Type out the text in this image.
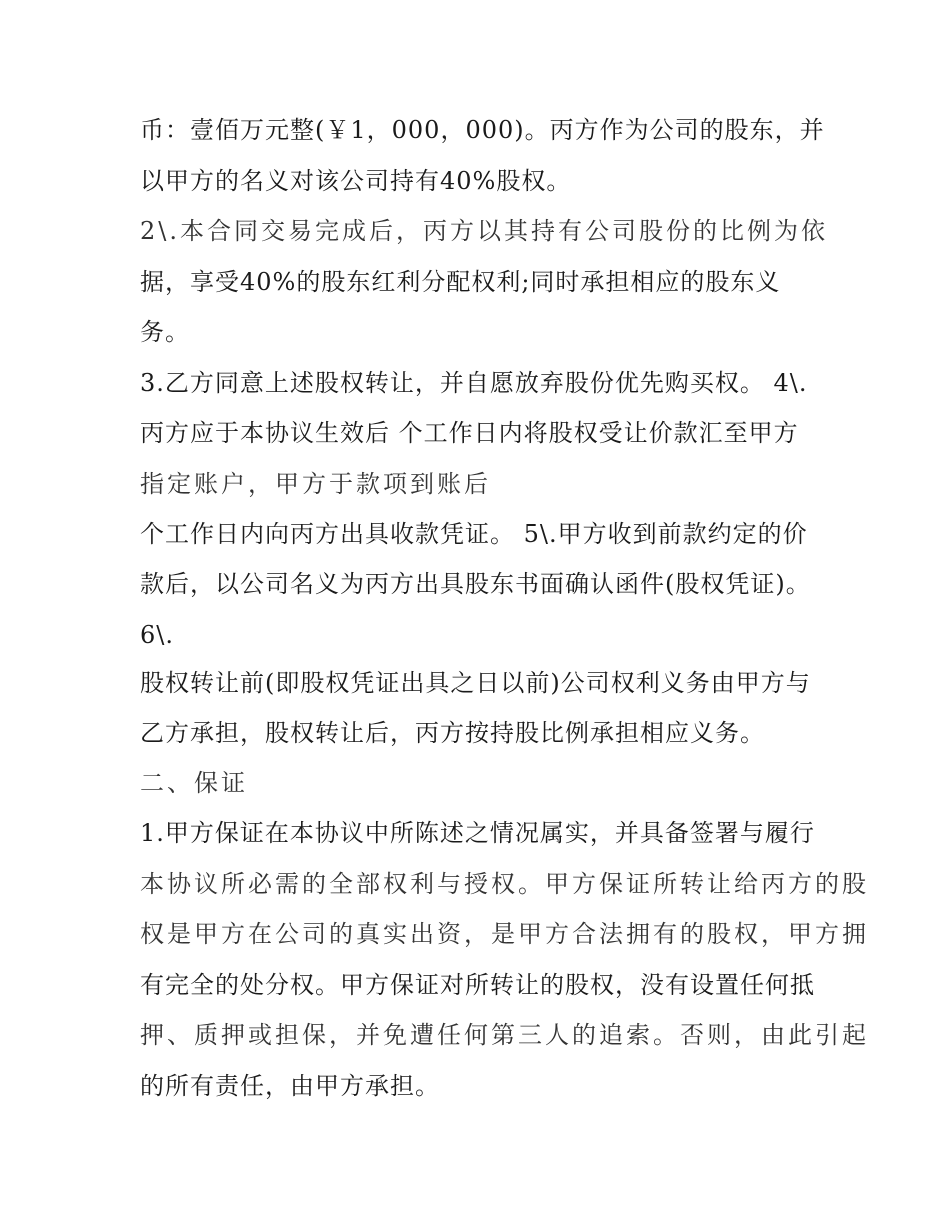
币：壹佰万元整(￥1，000，000)。丙方作为公司的股东，并
以甲方的名义对该公司持有40%股权。
2\.本合同交易完成后，丙方以其持有公司股份的比例为依
据，享受40%的股东红利分配权利;同时承担相应的股东义
务。
3.乙方同意上述股权转让，并自愿放弃股份优先购买权。 4\.
丙方应于本协议生效后 个工作日内将股权受让价款汇至甲方
指定账户，甲方于款项到账后
个工作日内向丙方出具收款凭证。 5\.甲方收到前款约定的价
款后，以公司名义为丙方出具股东书面确认函件(股权凭证)。
6\.
股权转让前(即股权凭证出具之日以前)公司权利义务由甲方与
乙方承担，股权转让后，丙方按持股比例承担相应义务。
二、保证
1.甲方保证在本协议中所陈述之情况属实，并具备签署与履行
本协议所必需的全部权利与授权。甲方保证所转让给丙方的股
权是甲方在公司的真实出资，是甲方合法拥有的股权，甲方拥
有完全的处分权。甲方保证对所转让的股权，没有设置任何抵
押、质押或担保，并免遭任何第三人的追索。否则，由此引起
的所有责任，由甲方承担。
